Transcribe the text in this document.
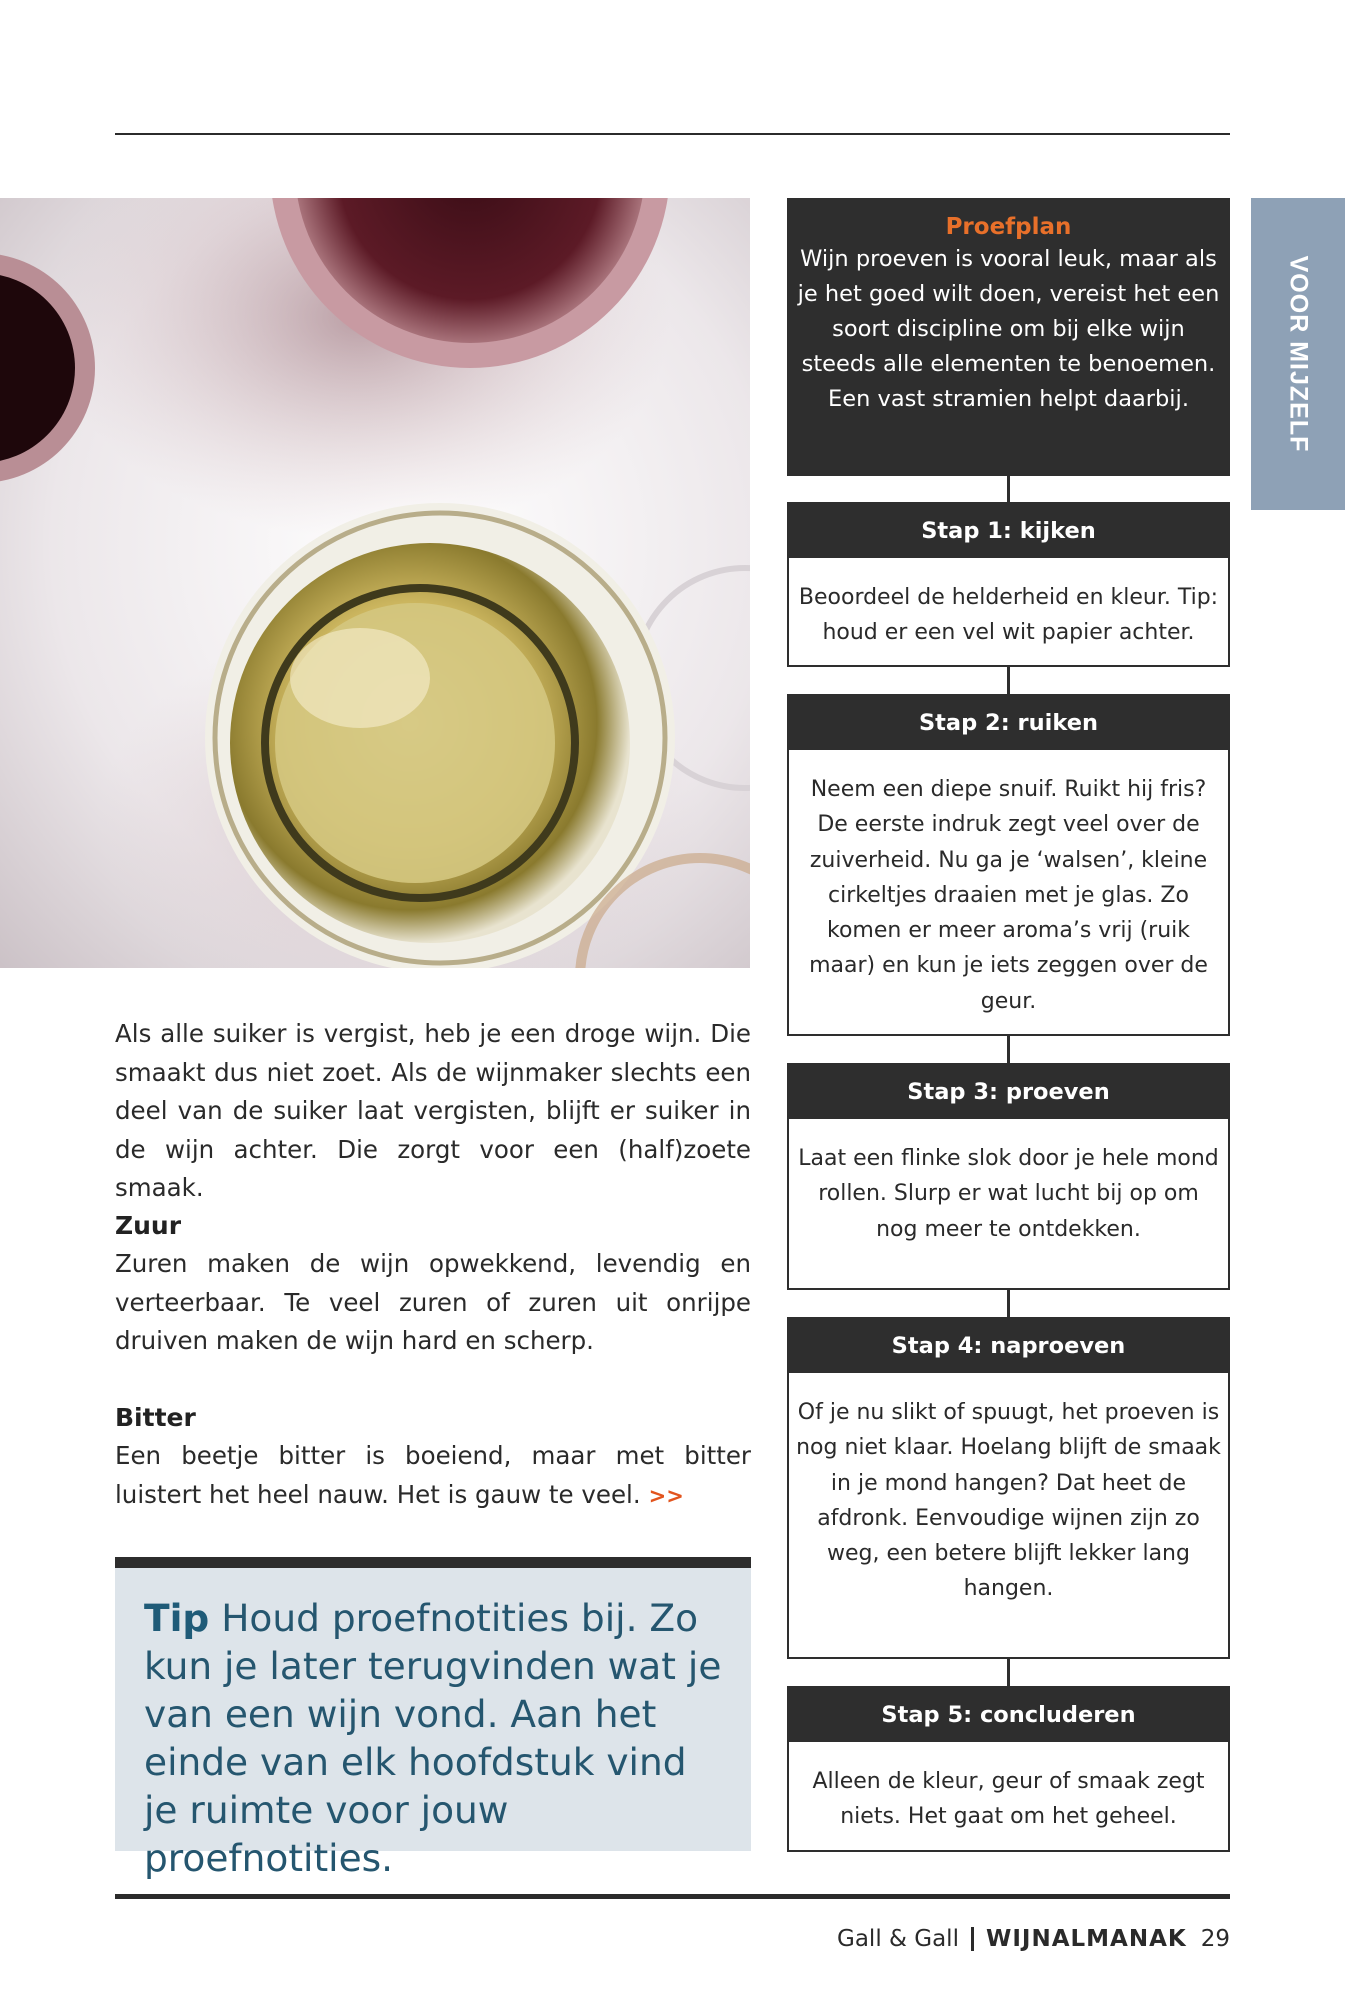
VOOR MIJZELF

Als alle suiker is vergist, heb je een droge wijn. Die smaakt dus niet zoet. Als de wijnmaker slechts een deel van de suiker laat vergisten, blijft er suiker in de wijn achter. Die zorgt voor een (half)zoete smaak.

Zuur

Zuren maken de wijn opwekkend, levendig en verteerbaar. Te veel zuren of zuren uit onrijpe druiven maken de wijn hard en scherp.

Bitter

Een beetje bitter is boeiend, maar met bitter luistert het heel nauw. Het is gauw te veel. >>

Tip Houd proefnotities bij. Zo kun je later terugvinden wat je van een wijn vond. Aan het einde van elk hoofdstuk vind je ruimte voor jouw proefnotities.

Proefplan

Wijn proeven is vooral leuk, maar als je het goed wilt doen, vereist het een soort discipline om bij elke wijn steeds alle elementen te benoemen. Een vast stramien helpt daarbij.

Stap 1: kijken

Beoordeel de helderheid en kleur. Tip: houd er een vel wit papier achter.

Stap 2: ruiken

Neem een diepe snuif. Ruikt hij fris? De eerste indruk zegt veel over de zuiverheid. Nu ga je ‘walsen’, kleine cirkeltjes draaien met je glas. Zo komen er meer aroma’s vrij (ruik maar) en kun je iets zeggen over de geur.

Stap 3: proeven

Laat een flinke slok door je hele mond rollen. Slurp er wat lucht bij op om nog meer te ontdekken.

Stap 4: naproeven

Of je nu slikt of spuugt, het proeven is nog niet klaar. Hoelang blijft de smaak in je mond hangen? Dat heet de afdronk. Eenvoudige wijnen zijn zo weg, een betere blijft lekker lang hangen.

Stap 5: concluderen

Alleen de kleur, geur of smaak zegt niets. Het gaat om het geheel.

Gall & Gall WIJNALMANAK 29
